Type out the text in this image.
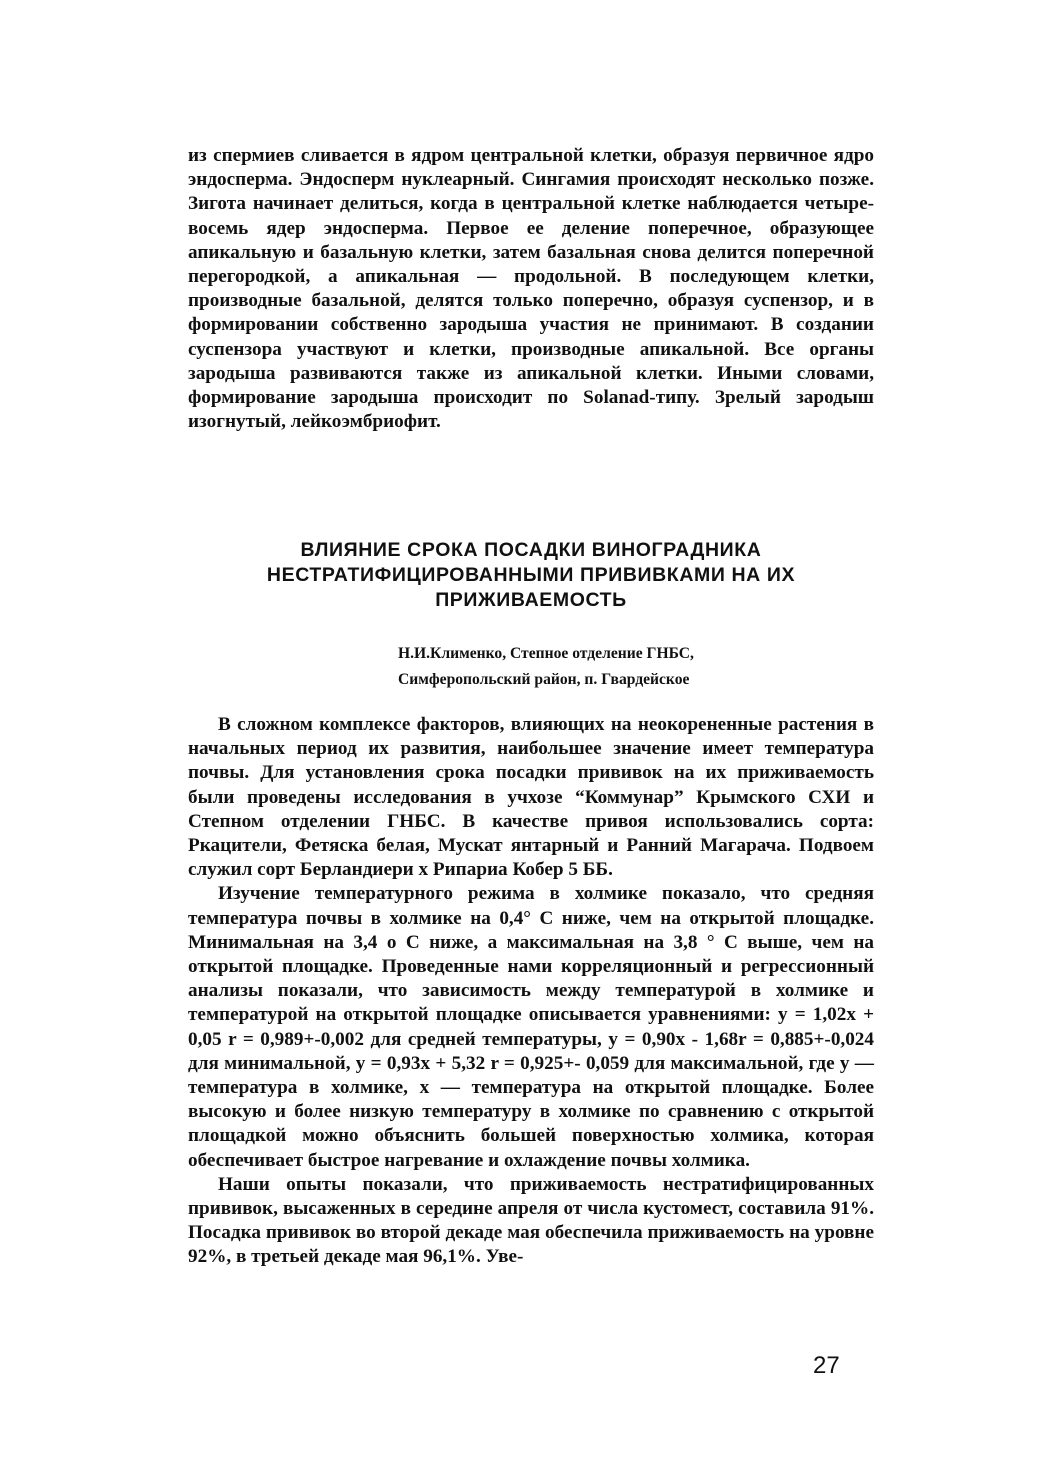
из спермиев сливается в ядром центральной клетки, образуя первичное ядро эндосперма. Эндосперм нуклеарный. Сингамия происходят несколько позже. Зигота начинает делиться, когда в центральной клетке наблюдается четыре-восемь ядер эндосперма. Первое ее деление поперечное, образующее апикальную и базальную клетки, затем базальная снова делится поперечной перегородкой, а апикальная — продольной. В последующем клетки, производные базальной, делятся только поперечно, образуя суспензор, и в формировании собственно зародыша участия не принимают. В создании суспензора участвуют и клетки, производные апикальной. Все органы зародыша развиваются также из апикальной клетки. Иными словами, формирование зародыша происходит по Solanad-типу. Зрелый зародыш изогнутый, лейкоэмбриофит.

ВЛИЯНИЕ СРОКА ПОСАДКИ ВИНОГРАДНИКА НЕСТРАТИФИЦИРОВАННЫМИ ПРИВИВКАМИ НА ИХ ПРИЖИВАЕМОСТЬ
Н.И.Клименко, Степное отделение ГНБС,
Симферопольский район, п. Гвардейское

В сложном комплексе факторов, влияющих на неокорененные растения в начальных период их развития, наибольшее значение имеет температура почвы. Для установления срока посадки прививок на их приживаемость были проведены исследования в учхозе “Коммунар” Крымского СХИ и Степном отделении ГНБС. В качестве привоя использовались сорта: Ркацители, Фетяска белая, Мускат янтарный и Ранний Магарача. Подвоем служил сорт Берландиери х Рипариа Кобер 5 ББ.

Изучение температурного режима в холмике показало, что средняя температура почвы в холмике на 0,4° С ниже, чем на открытой площадке. Минимальная на 3,4 о С ниже, а максимальная на 3,8 ° С выше, чем на открытой площадке. Проведенные нами корреляционный и регрессионный анализы показали, что зависимость между температурой в холмике и температурой на открытой площадке описывается уравнениями: у = 1,02х + 0,05 r = 0,989+-0,002 для средней температуры, у = 0,90х - 1,68r = 0,885+-0,024 для минимальной, у = 0,93х + 5,32 r = 0,925+- 0,059 для максимальной, где у — температура в холмике, х — температура на открытой площадке. Более высокую и более низкую температуру в холмике по сравнению с открытой площадкой можно объяснить большей поверхностью холмика, которая обеспечивает быстрое нагревание и охлаждение почвы холмика.

Наши опыты показали, что приживаемость нестратифицированных прививок, высаженных в середине апреля от числа кустомест, составила 91%. Посадка прививок во второй декаде мая обеспечила приживаемость на уровне 92%, в третьей декаде мая 96,1%. Уве-

27
